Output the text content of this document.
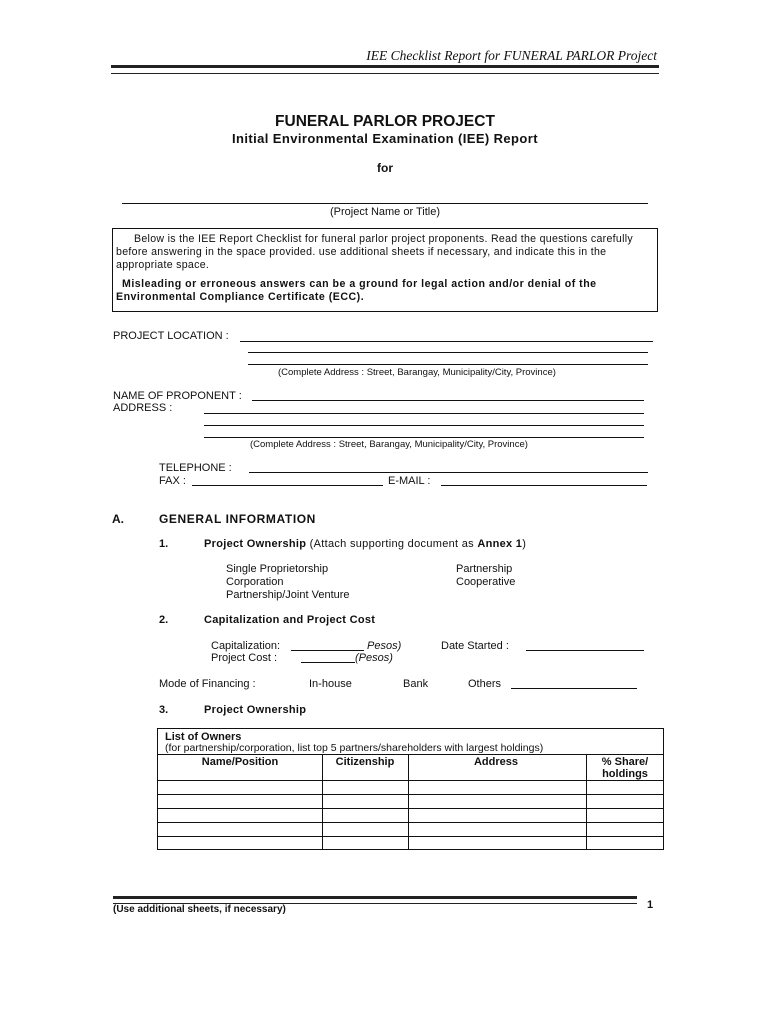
IEE Checklist Report for FUNERAL PARLOR Project
FUNERAL PARLOR PROJECT
Initial Environmental Examination (IEE) Report
for
(Project Name or Title)

Below is the IEE Report Checklist for funeral parlor project proponents. Read the questions carefully before answering in the space provided. use additional sheets if necessary, and indicate this in the appropriate space.

Misleading or erroneous answers can be a ground for legal action and/or denial of the Environmental Compliance Certificate (ECC).

PROJECT LOCATION :
(Complete Address : Street, Barangay, Municipality/City, Province)
NAME OF PROPONENT :
ADDRESS :
(Complete Address : Street, Barangay, Municipality/City, Province)
TELEPHONE :
FAX :	E-MAIL :
A.	GENERAL INFORMATION
1.	Project Ownership (Attach supporting document as Annex 1)
Single Proprietorship
Corporation
Partnership/Joint Venture
Partnership
Cooperative
2.	Capitalization and Project Cost
Capitalization:	Pesos)
Project Cost :	(Pesos)
Date Started :
Mode of Financing :	In-house	Bank	Others
3.	Project Ownership
List of Owners
(for partnership/corporation, list top 5 partners/shareholders with largest holdings)
Name/Position	Citizenship	Address	% Share/ holdings
(Use additional sheets, if necessary)	1
